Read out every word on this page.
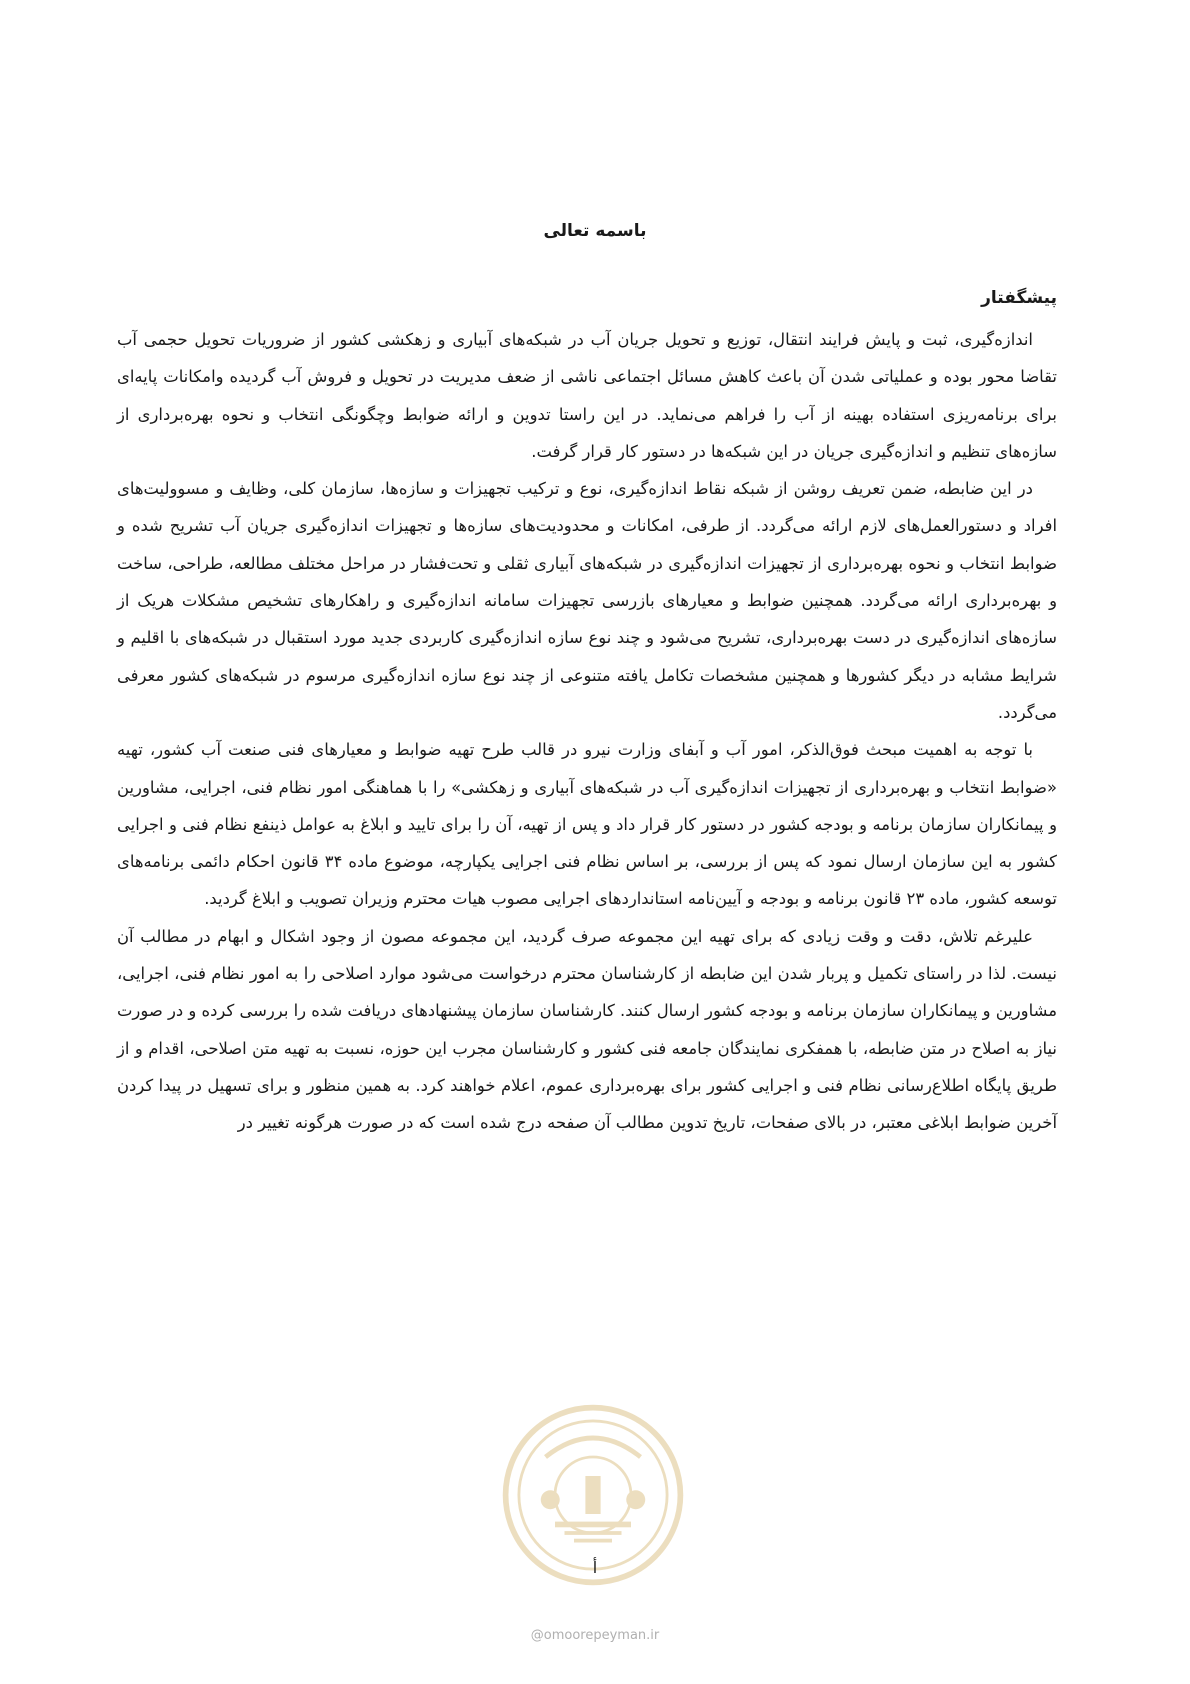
باسمه تعالی

پیشگفتار

اندازه‌گیری، ثبت و پایش فرایند انتقال، توزیع و تحویل جریان آب در شبکه‌های آبیاری و زهکشی کشور از ضروریات تحویل حجمی آب تقاضا محور بوده و عملیاتی شدن آن باعث کاهش مسائل اجتماعی ناشی از ضعف مدیریت در تحویل و فروش آب گردیده وامکانات پایه‌ای برای برنامه‌ریزی استفاده بهینه از آب را فراهم می‌نماید. در این راستا تدوین و ارائه ضوابط وچگونگی انتخاب و نحوه بهره‌برداری از سازه‌های تنظیم و اندازه‌گیری جریان در این شبکه‌ها در دستور کار قرار گرفت.

در این ضابطه، ضمن تعریف روشن از شبکه نقاط اندازه‌گیری، نوع و ترکیب تجهیزات و سازه‌ها، سازمان کلی، وظایف و مسوولیت‌های افراد و دستورالعمل‌های لازم ارائه می‌گردد. از طرفی، امکانات و محدودیت‌های سازه‌ها و تجهیزات اندازه‌گیری جریان آب تشریح شده و ضوابط انتخاب و نحوه بهره‌برداری از تجهیزات اندازه‌گیری در شبکه‌های آبیاری ثقلی و تحت‌فشار در مراحل مختلف مطالعه، طراحی، ساخت و بهره‌برداری ارائه می‌گردد. همچنین ضوابط و معیارهای بازرسی تجهیزات سامانه اندازه‌گیری و راهکارهای تشخیص مشکلات هریک از سازه‌های اندازه‌گیری در دست بهره‌برداری، تشریح می‌شود و چند نوع سازه اندازه‌گیری کاربردی جدید مورد استقبال در شبکه‌های با اقلیم و شرایط مشابه در دیگر کشورها و همچنین مشخصات تکامل یافته متنوعی از چند نوع سازه اندازه‌گیری مرسوم در شبکه‌های کشور معرفی می‌گردد.

با توجه به اهمیت مبحث فوق‌الذکر، امور آب و آبفای وزارت نیرو در قالب طرح تهیه ضوابط و معیارهای فنی صنعت آب کشور، تهیه «ضوابط انتخاب و بهره‌برداری از تجهیزات اندازه‌گیری آب در شبکه‌های آبیاری و زهکشی» را با هماهنگی امور نظام فنی، اجرایی، مشاورین و پیمانکاران سازمان برنامه و بودجه کشور در دستور کار قرار داد و پس از تهیه، آن را برای تایید و ابلاغ به عوامل ذینفع نظام فنی و اجرایی کشور به این سازمان ارسال نمود که پس از بررسی، بر اساس نظام فنی اجرایی یکپارچه، موضوع ماده ۳۴ قانون احکام دائمی برنامه‌های توسعه کشور، ماده ۲۳ قانون برنامه و بودجه و آیین‌نامه استانداردهای اجرایی مصوب هیات محترم وزیران تصویب و ابلاغ گردید.

علیرغم تلاش، دقت و وقت زیادی که برای تهیه این مجموعه صرف گردید، این مجموعه مصون از وجود اشکال و ابهام در مطالب آن نیست. لذا در راستای تکمیل و پربار شدن این ضابطه از کارشناسان محترم درخواست می‌شود موارد اصلاحی را به امور نظام فنی، اجرایی، مشاورین و پیمانکاران سازمان برنامه و بودجه کشور ارسال کنند. کارشناسان سازمان پیشنهادهای دریافت شده را بررسی کرده و در صورت نیاز به اصلاح در متن ضابطه، با همفکری نمایندگان جامعه فنی کشور و کارشناسان مجرب این حوزه، نسبت به تهیه متن اصلاحی، اقدام و از طریق پایگاه اطلاع‌رسانی نظام فنی و اجرایی کشور برای بهره‌برداری عموم، اعلام خواهند کرد. به همین منظور و برای تسهیل در پیدا کردن آخرین ضوابط ابلاغی معتبر، در بالای صفحات، تاریخ تدوین مطالب آن صفحه درج شده است که در صورت هرگونه تغییر در

أ

@omoorepeyman.ir
